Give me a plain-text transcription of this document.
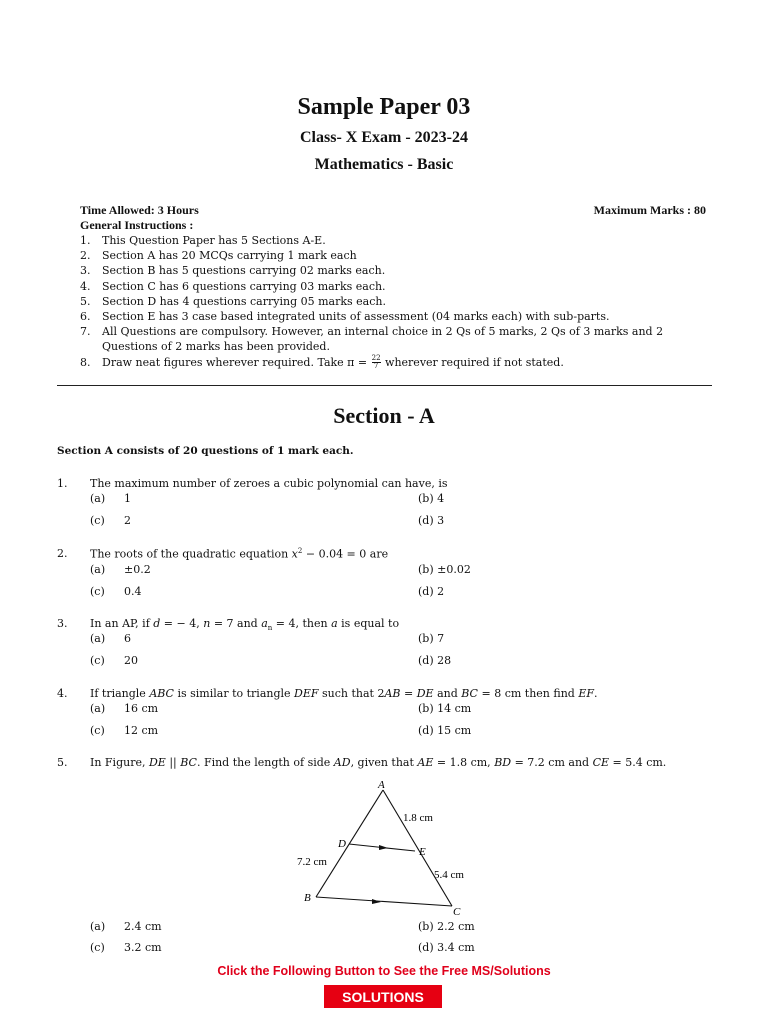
Sample Paper 03
Class- X Exam - 2023-24
Mathematics - Basic
Time Allowed: 3 Hours	Maximum Marks : 80
General Instructions :
1.	This Question Paper has 5 Sections A-E.
2.	Section A has 20 MCQs carrying 1 mark each
3.	Section B has 5 questions carrying 02 marks each.
4.	Section C has 6 questions carrying 03 marks each.
5.	Section D has 4 questions carrying 05 marks each.
6.	Section E has 3 case based integrated units of assessment (04 marks each) with sub-parts.
7.	All Questions are compulsory. However, an internal choice in 2 Qs of 5 marks, 2 Qs of 3 marks and 2 Questions of 2 marks has been provided.
8.	Draw neat figures wherever required. Take $\pi = \frac{22}{7}$ wherever required if not stated.
Section - A
Section A consists of 20 questions of 1 mark each.
1. The maximum number of zeroes a cubic polynomial can have, is
(a) 1	(b) 4
(c) 2	(d) 3
2. The roots of the quadratic equation $x^2 - 0.04 = 0$ are
(a) ±0.2	(b) ±0.02
(c) 0.4	(d) 2
3. In an AP, if d = − 4, n = 7 and $a_n = 4$, then a is equal to
(a) 6	(b) 7
(c) 20	(d) 28
4. If triangle ABC is similar to triangle DEF such that 2AB = DE and BC = 8 cm then find EF.
(a) 16 cm	(b) 14 cm
(c) 12 cm	(d) 15 cm
5. In Figure, DE || BC. Find the length of side AD, given that AE = 1.8 cm, BD = 7.2 cm and CE = 5.4 cm.
A
B
C
D
E
1.8 cm
7.2 cm
5.4 cm
(a) 2.4 cm	(b) 2.2 cm
(c) 3.2 cm	(d) 3.4 cm
Click the Following Button to See the Free MS/Solutions
SOLUTIONS
